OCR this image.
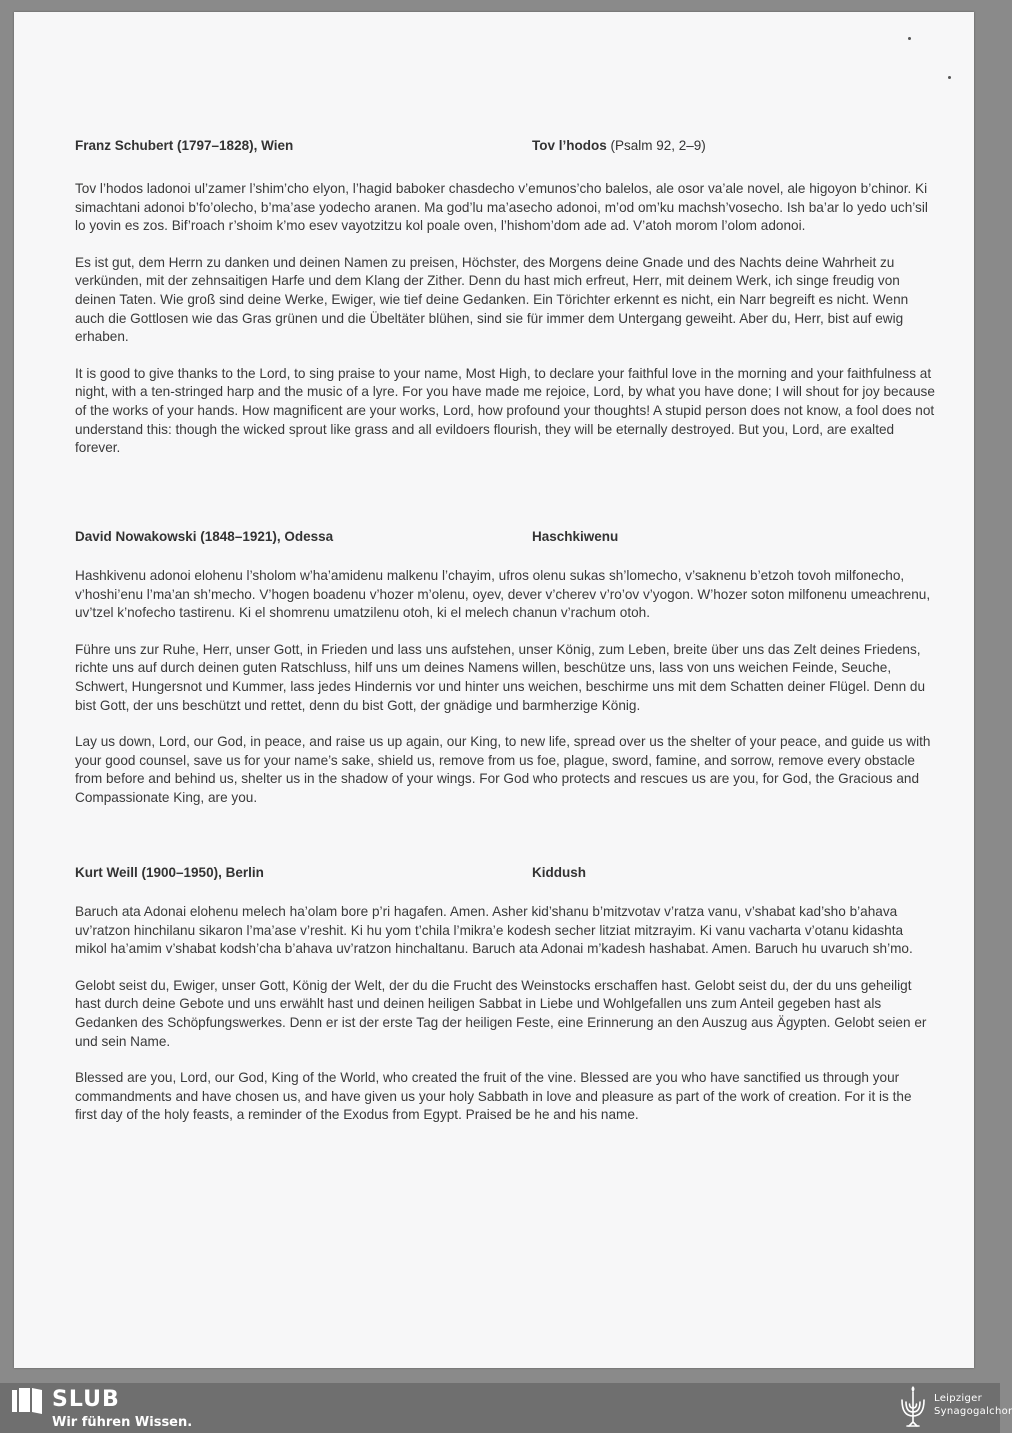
Franz Schubert (1797–1828), Wien	Tov l’hodos (Psalm 92, 2–9)

Tov l’hodos ladonoi ul’zamer l’shim’cho elyon, l’hagid baboker chasdecho v’emunos’cho balelos, ale osor va’ale novel, ale higoyon b’chinor. Ki simachtani adonoi b’fo’olecho, b’ma’ase yodecho aranen. Ma god’lu ma’asecho adonoi, m’od om’ku machsh’vosecho. Ish ba’ar lo yedo uch’sil lo yovin es zos. Bif’roach r’shoim k’mo esev vayotzitzu kol poale oven, l’hishom’dom ade ad. V’atoh morom l’olom adonoi.

Es ist gut, dem Herrn zu danken und deinen Namen zu preisen, Höchster, des Morgens deine Gnade und des Nachts deine Wahrheit zu verkünden, mit der zehnsaitigen Harfe und dem Klang der Zither. Denn du hast mich erfreut, Herr, mit deinem Werk, ich singe freudig von deinen Taten. Wie groß sind deine Werke, Ewiger, wie tief deine Gedanken. Ein Törichter erkennt es nicht, ein Narr begreift es nicht. Wenn auch die Gottlosen wie das Gras grünen und die Übeltäter blühen, sind sie für immer dem Untergang geweiht. Aber du, Herr, bist auf ewig erhaben.

It is good to give thanks to the Lord, to sing praise to your name, Most High, to declare your faithful love in the morning and your faithfulness at night, with a ten-stringed harp and the music of a lyre. For you have made me rejoice, Lord, by what you have done; I will shout for joy because of the works of your hands. How magnificent are your works, Lord, how profound your thoughts! A stupid person does not know, a fool does not understand this: though the wicked sprout like grass and all evildoers flourish, they will be eternally destroyed. But you, Lord, are exalted forever.

David Nowakowski (1848–1921), Odessa	Haschkiwenu

Hashkivenu adonoi elohenu l’sholom w’ha’amidenu malkenu l’chayim, ufros olenu sukas sh’lomecho, v’saknenu b’etzoh tovoh milfonecho, v’hoshi’enu l’ma’an sh’mecho. V’hogen boadenu v’hozer m’olenu, oyev, dever v’cherev v’ro’ov v’yogon. W’hozer soton milfonenu umeachrenu, uv’tzel k’nofecho tastirenu. Ki el shomrenu umatzilenu otoh, ki el melech chanun v’rachum otoh.

Führe uns zur Ruhe, Herr, unser Gott, in Frieden und lass uns aufstehen, unser König, zum Leben, breite über uns das Zelt deines Friedens, richte uns auf durch deinen guten Ratschluss, hilf uns um deines Namens willen, beschütze uns, lass von uns weichen Feinde, Seuche, Schwert, Hungersnot und Kummer, lass jedes Hindernis vor und hinter uns weichen, beschirme uns mit dem Schatten deiner Flügel. Denn du bist Gott, der uns beschützt und rettet, denn du bist Gott, der gnädige und barmherzige König.

Lay us down, Lord, our God, in peace, and raise us up again, our King, to new life, spread over us the shelter of your peace, and guide us with your good counsel, save us for your name’s sake, shield us, remove from us foe, plague, sword, famine, and sorrow, remove every obstacle from before and behind us, shelter us in the shadow of your wings. For God who protects and rescues us are you, for God, the Gracious and Compassionate King, are you.

Kurt Weill (1900–1950), Berlin	Kiddush

Baruch ata Adonai elohenu melech ha’olam bore p’ri hagafen. Amen. Asher kid’shanu b’mitzvotav v’ratza vanu, v’shabat kad’sho b’ahava uv’ratzon hinchilanu sikaron l’ma’ase v’reshit. Ki hu yom t’chila l’mikra’e kodesh secher litziat mitzrayim. Ki vanu vacharta v’otanu kidashta mikol ha’amim v’shabat kodsh’cha b’ahava uv’ratzon hinchaltanu. Baruch ata Adonai m’kadesh hashabat. Amen. Baruch hu uvaruch sh’mo.

Gelobt seist du, Ewiger, unser Gott, König der Welt, der du die Frucht des Weinstocks erschaffen hast. Gelobt seist du, der du uns geheiligt hast durch deine Gebote und uns erwählt hast und deinen heiligen Sabbat in Liebe und Wohlgefallen uns zum Anteil gegeben hast als Gedanken des Schöpfungswerkes. Denn er ist der erste Tag der heiligen Feste, eine Erinnerung an den Auszug aus Ägypten. Gelobt seien er und sein Name.

Blessed are you, Lord, our God, King of the World, who created the fruit of the vine. Blessed are you who have sanctified us through your commandments and have chosen us, and have given us your holy Sabbath in love and pleasure as part of the work of creation. For it is the first day of the holy feasts, a reminder of the Exodus from Egypt. Praised be he and his name.

SLUB
Wir führen Wissen.
Leipziger
Synagogalchor
